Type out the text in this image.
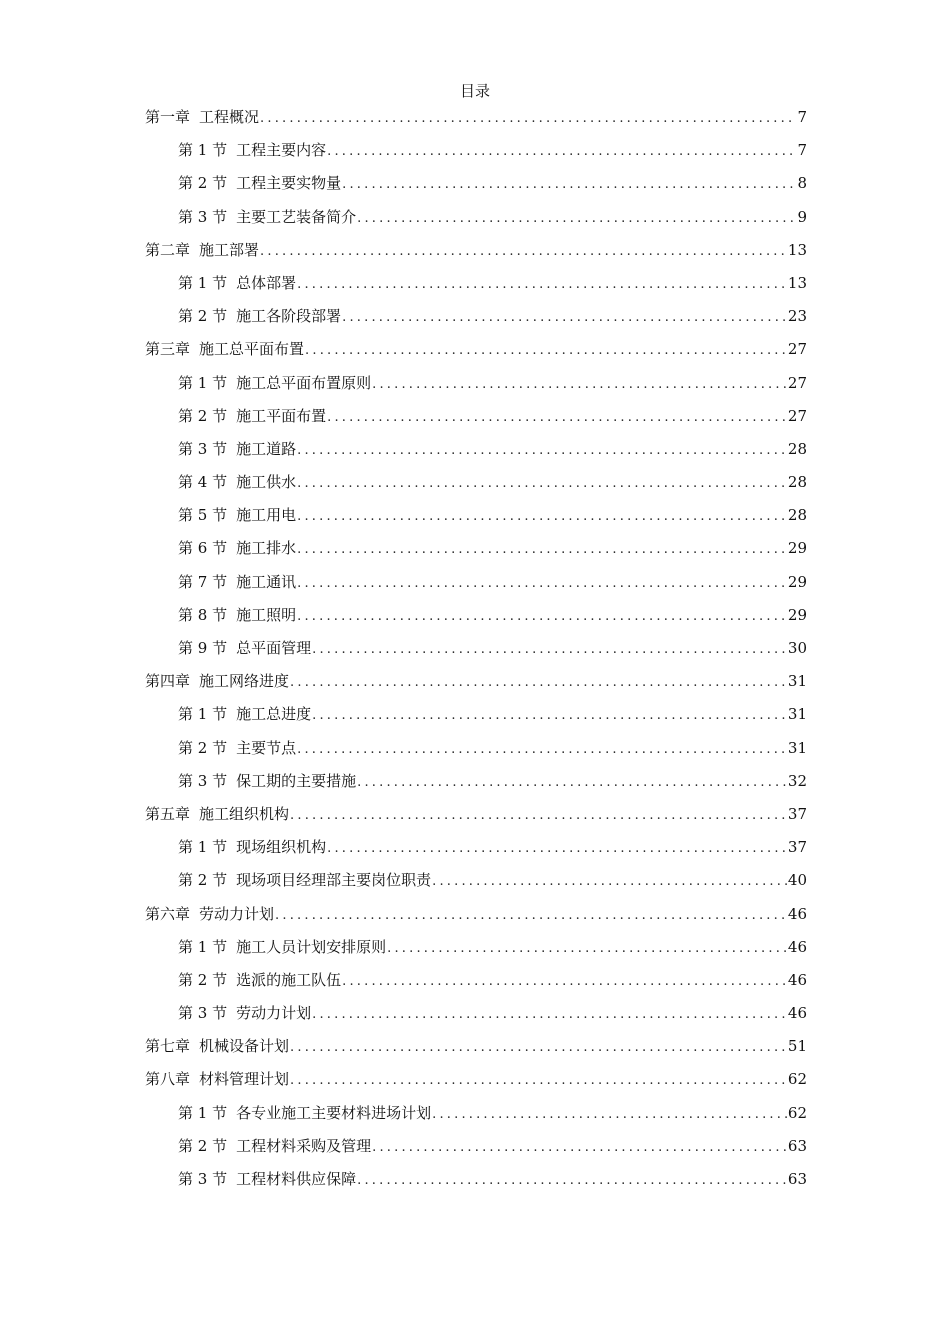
目录
第一章 工程概况 .....	7
第 1 节 工程主要内容 .....	7
第 2 节 工程主要实物量 .....	8
第 3 节 主要工艺装备简介 .....	9
第二章 施工部署 .....	13
第 1 节 总体部署 .....	13
第 2 节 施工各阶段部署 .....	23
第三章 施工总平面布置 .....	27
第 1 节 施工总平面布置原则 .....	27
第 2 节 施工平面布置 .....	27
第 3 节 施工道路 .....	28
第 4 节 施工供水 .....	28
第 5 节 施工用电 .....	28
第 6 节 施工排水 .....	29
第 7 节 施工通讯 .....	29
第 8 节 施工照明 .....	29
第 9 节 总平面管理 .....	30
第四章 施工网络进度 .....	31
第 1 节 施工总进度 .....	31
第 2 节 主要节点 .....	31
第 3 节 保工期的主要措施 .....	32
第五章 施工组织机构 .....	37
第 1 节 现场组织机构 .....	37
第 2 节 现场项目经理部主要岗位职责 .....	40
第六章 劳动力计划 .....	46
第 1 节 施工人员计划安排原则 .....	46
第 2 节 选派的施工队伍 .....	46
第 3 节 劳动力计划 .....	46
第七章 机械设备计划 .....	51
第八章 材料管理计划 .....	62
第 1 节 各专业施工主要材料进场计划 .....	62
第 2 节 工程材料采购及管理 .....	63
第 3 节 工程材料供应保障 .....	63
